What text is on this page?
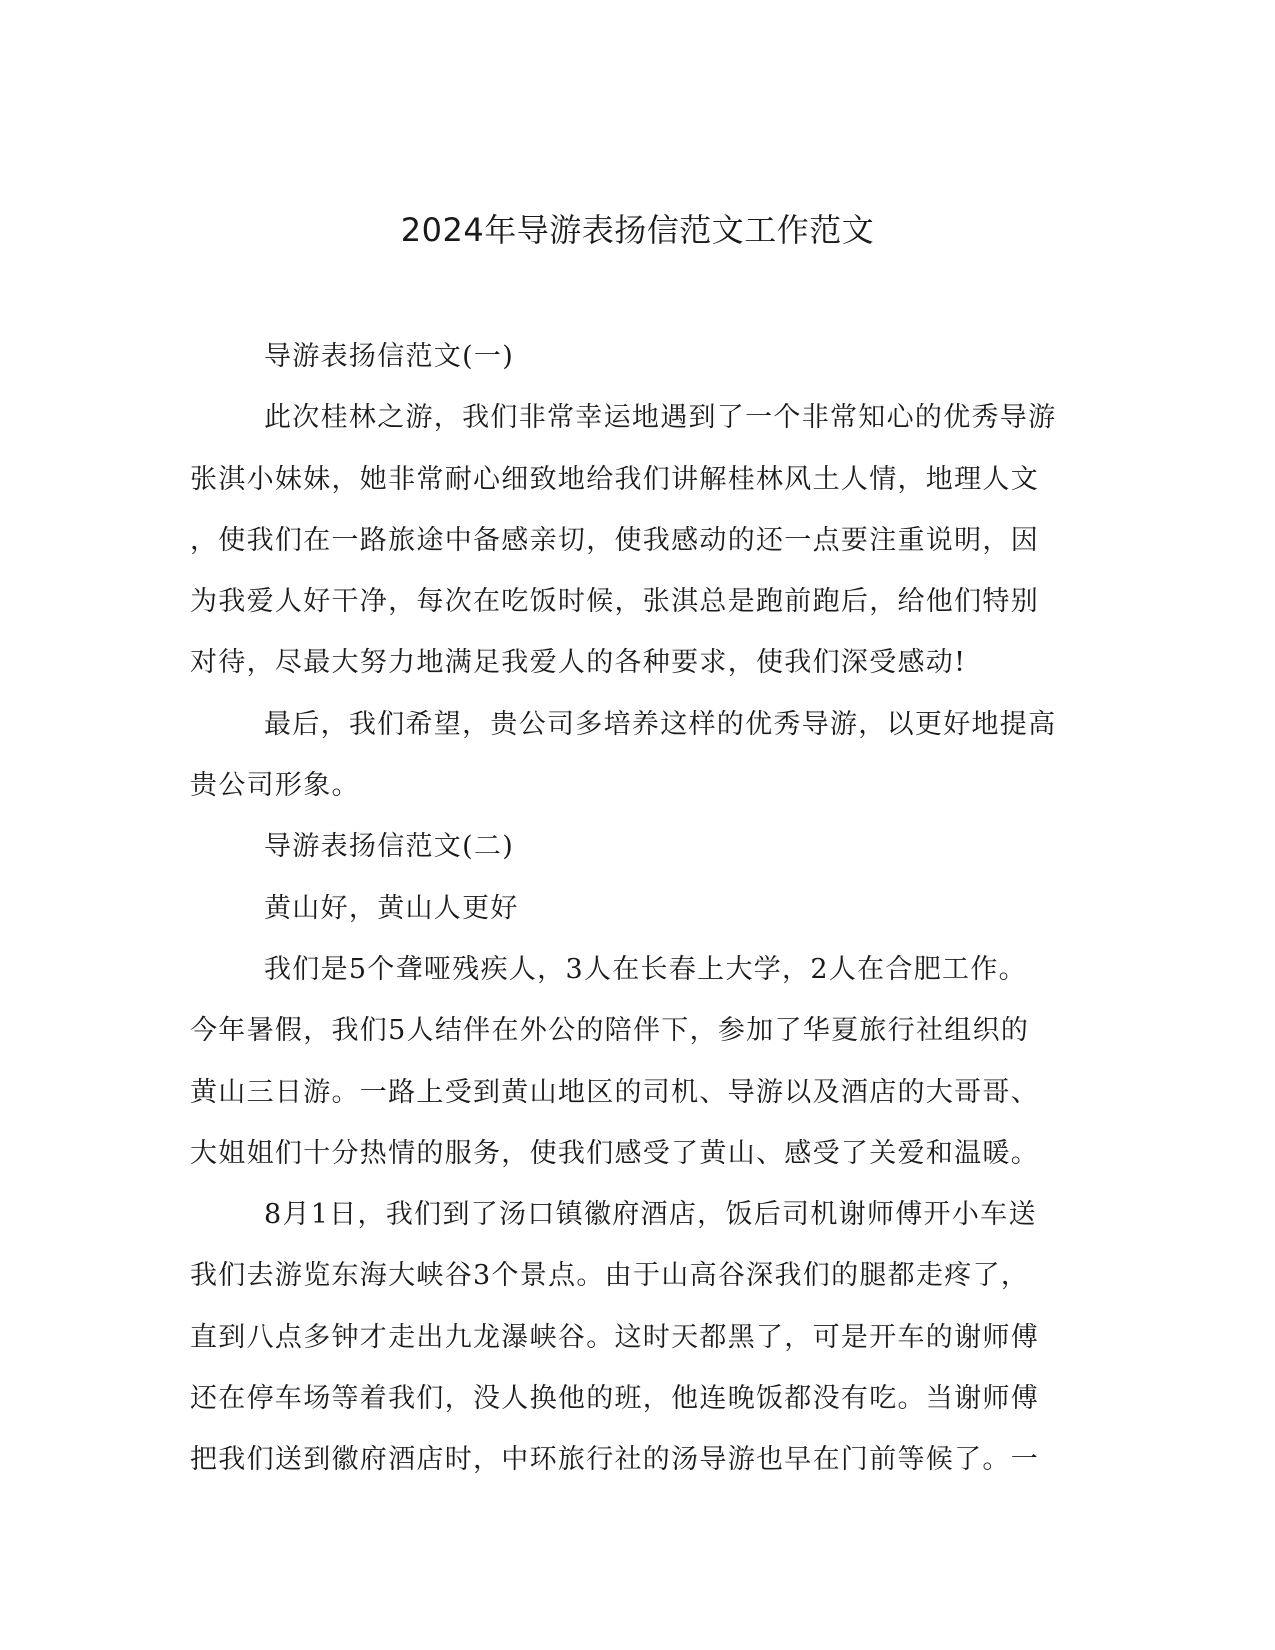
2024年导游表扬信范文工作范文
导游表扬信范文(一)
此次桂林之游，我们非常幸运地遇到了一个非常知心的优秀导游
张淇小妹妹，她非常耐心细致地给我们讲解桂林风土人情，地理人文
，使我们在一路旅途中备感亲切，使我感动的还一点要注重说明，因
为我爱人好干净，每次在吃饭时候，张淇总是跑前跑后，给他们特别
对待，尽最大努力地满足我爱人的各种要求，使我们深受感动!
最后，我们希望，贵公司多培养这样的优秀导游，以更好地提高
贵公司形象。
导游表扬信范文(二)
黄山好，黄山人更好
我们是5个聋哑残疾人，3人在长春上大学，2人在合肥工作。
今年暑假，我们5人结伴在外公的陪伴下，参加了华夏旅行社组织的
黄山三日游。一路上受到黄山地区的司机、导游以及酒店的大哥哥、
大姐姐们十分热情的服务，使我们感受了黄山、感受了关爱和温暖。
8月1日，我们到了汤口镇徽府酒店，饭后司机谢师傅开小车送
我们去游览东海大峡谷3个景点。由于山高谷深我们的腿都走疼了，
直到八点多钟才走出九龙瀑峡谷。这时天都黑了，可是开车的谢师傅
还在停车场等着我们，没人换他的班，他连晚饭都没有吃。当谢师傅
把我们送到徽府酒店时，中环旅行社的汤导游也早在门前等候了。一
